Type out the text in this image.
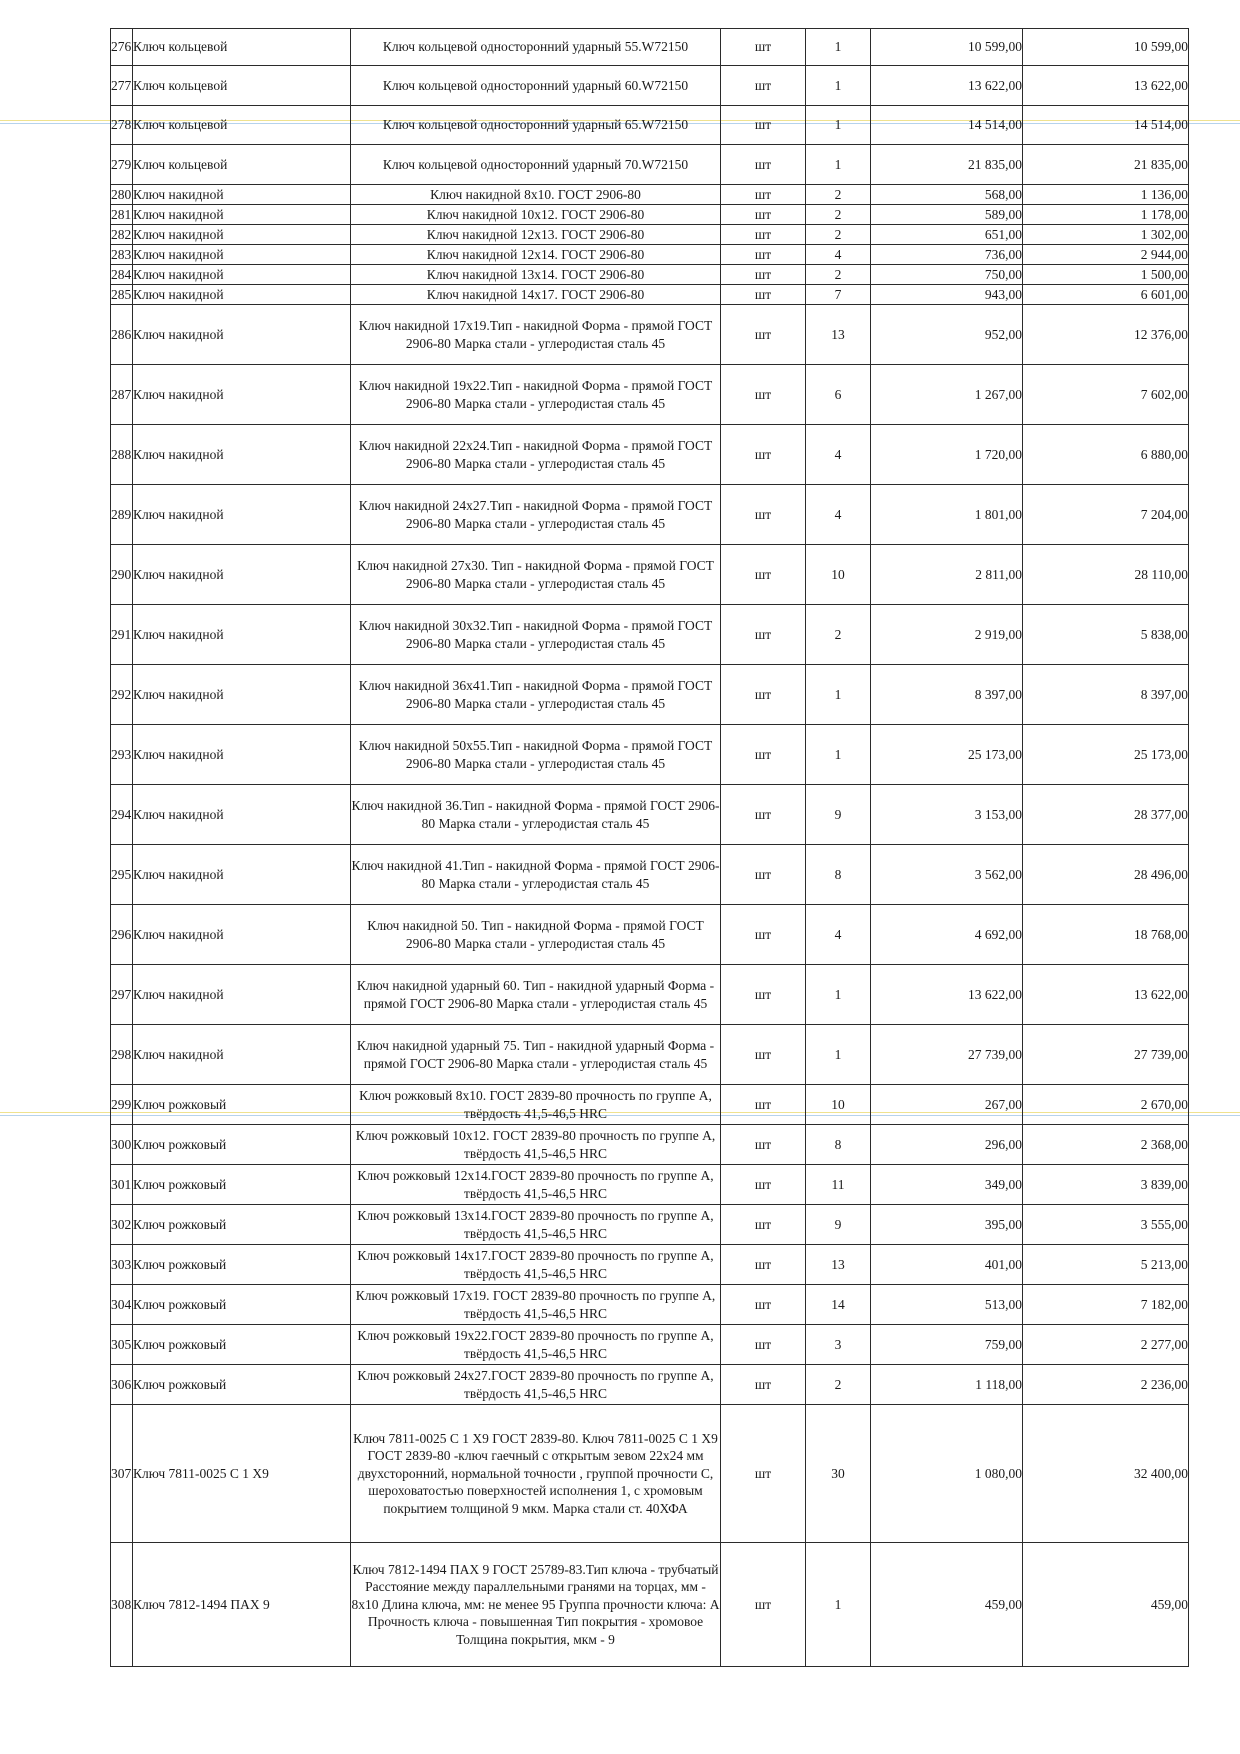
276	Ключ кольцевой	Ключ кольцевой односторонний ударный 55.W72150	шт	1	10 599,00	10 599,00
277	Ключ кольцевой	Ключ кольцевой односторонний ударный 60.W72150	шт	1	13 622,00	13 622,00
278	Ключ кольцевой	Ключ кольцевой односторонний ударный 65.W72150	шт	1	14 514,00	14 514,00
279	Ключ кольцевой	Ключ кольцевой односторонний ударный 70.W72150	шт	1	21 835,00	21 835,00
280	Ключ накидной	Ключ накидной 8х10. ГОСТ 2906-80	шт	2	568,00	1 136,00
281	Ключ накидной	Ключ накидной 10х12. ГОСТ 2906-80	шт	2	589,00	1 178,00
282	Ключ накидной	Ключ накидной 12х13. ГОСТ 2906-80	шт	2	651,00	1 302,00
283	Ключ накидной	Ключ накидной 12х14. ГОСТ 2906-80	шт	4	736,00	2 944,00
284	Ключ накидной	Ключ накидной 13х14. ГОСТ 2906-80	шт	2	750,00	1 500,00
285	Ключ накидной	Ключ накидной 14х17. ГОСТ 2906-80	шт	7	943,00	6 601,00
286	Ключ накидной	Ключ накидной 17х19.Тип - накидной Форма - прямой ГОСТ 2906-80 Марка стали - углеродистая сталь 45	шт	13	952,00	12 376,00
287	Ключ накидной	Ключ накидной 19х22.Тип - накидной Форма - прямой ГОСТ 2906-80 Марка стали - углеродистая сталь 45	шт	6	1 267,00	7 602,00
288	Ключ накидной	Ключ накидной 22х24.Тип - накидной Форма - прямой ГОСТ 2906-80 Марка стали - углеродистая сталь 45	шт	4	1 720,00	6 880,00
289	Ключ накидной	Ключ накидной 24х27.Тип - накидной Форма - прямой ГОСТ 2906-80 Марка стали - углеродистая сталь 45	шт	4	1 801,00	7 204,00
290	Ключ накидной	Ключ накидной 27х30. Тип - накидной Форма - прямой ГОСТ 2906-80 Марка стали - углеродистая сталь 45	шт	10	2 811,00	28 110,00
291	Ключ накидной	Ключ накидной 30х32.Тип - накидной Форма - прямой ГОСТ 2906-80 Марка стали - углеродистая сталь 45	шт	2	2 919,00	5 838,00
292	Ключ накидной	Ключ накидной 36х41.Тип - накидной Форма - прямой ГОСТ 2906-80 Марка стали - углеродистая сталь 45	шт	1	8 397,00	8 397,00
293	Ключ накидной	Ключ накидной 50х55.Тип - накидной Форма - прямой ГОСТ 2906-80 Марка стали - углеродистая сталь 45	шт	1	25 173,00	25 173,00
294	Ключ накидной	Ключ накидной 36.Тип - накидной Форма - прямой ГОСТ 2906-80 Марка стали - углеродистая сталь 45	шт	9	3 153,00	28 377,00
295	Ключ накидной	Ключ накидной 41.Тип - накидной Форма - прямой ГОСТ 2906-80 Марка стали - углеродистая сталь 45	шт	8	3 562,00	28 496,00
296	Ключ накидной	Ключ накидной 50. Тип - накидной Форма - прямой ГОСТ 2906-80 Марка стали - углеродистая сталь 45	шт	4	4 692,00	18 768,00
297	Ключ накидной	Ключ накидной ударный 60. Тип - накидной ударный Форма - прямой ГОСТ 2906-80 Марка стали - углеродистая сталь 45	шт	1	13 622,00	13 622,00
298	Ключ накидной	Ключ накидной ударный 75. Тип - накидной ударный Форма - прямой ГОСТ 2906-80 Марка стали - углеродистая сталь 45	шт	1	27 739,00	27 739,00
299	Ключ рожковый	Ключ рожковый 8х10. ГОСТ 2839-80 прочность по группе А, твёрдость 41,5-46,5 HRC	шт	10	267,00	2 670,00
300	Ключ рожковый	Ключ рожковый 10х12. ГОСТ 2839-80 прочность по группе А, твёрдость 41,5-46,5 HRC	шт	8	296,00	2 368,00
301	Ключ рожковый	Ключ рожковый 12х14.ГОСТ 2839-80 прочность по группе А, твёрдость 41,5-46,5 HRC	шт	11	349,00	3 839,00
302	Ключ рожковый	Ключ рожковый 13х14.ГОСТ 2839-80 прочность по группе А, твёрдость 41,5-46,5 HRC	шт	9	395,00	3 555,00
303	Ключ рожковый	Ключ рожковый 14х17.ГОСТ 2839-80 прочность по группе А, твёрдость 41,5-46,5 HRC	шт	13	401,00	5 213,00
304	Ключ рожковый	Ключ рожковый 17х19. ГОСТ 2839-80 прочность по группе А, твёрдость 41,5-46,5 HRC	шт	14	513,00	7 182,00
305	Ключ рожковый	Ключ рожковый 19х22.ГОСТ 2839-80 прочность по группе А, твёрдость 41,5-46,5 HRC	шт	3	759,00	2 277,00
306	Ключ рожковый	Ключ рожковый 24х27.ГОСТ 2839-80 прочность по группе А, твёрдость 41,5-46,5 HRC	шт	2	1 118,00	2 236,00
307	Ключ 7811-0025 С 1 Х9	Ключ 7811-0025 С 1 Х9 ГОСТ 2839-80. Ключ 7811-0025 С 1 Х9 ГОСТ 2839-80 -ключ гаечный с открытым зевом 22х24 мм двухсторонний, нормальной точности , группой прочности С, шероховатостью поверхностей исполнения 1, с хромовым покрытием толщиной 9 мкм. Марка стали ст. 40ХФА	шт	30	1 080,00	32 400,00
308	Ключ 7812-1494 ПАХ 9	Ключ 7812-1494 ПАХ 9 ГОСТ 25789-83.Тип ключа - трубчатый Расстояние между параллельными гранями на торцах, мм - 8х10 Длина ключа, мм: не менее 95 Группа прочности ключа: А Прочность ключа - повышенная Тип покрытия - хромовое Толщина покрытия, мкм - 9	шт	1	459,00	459,00
